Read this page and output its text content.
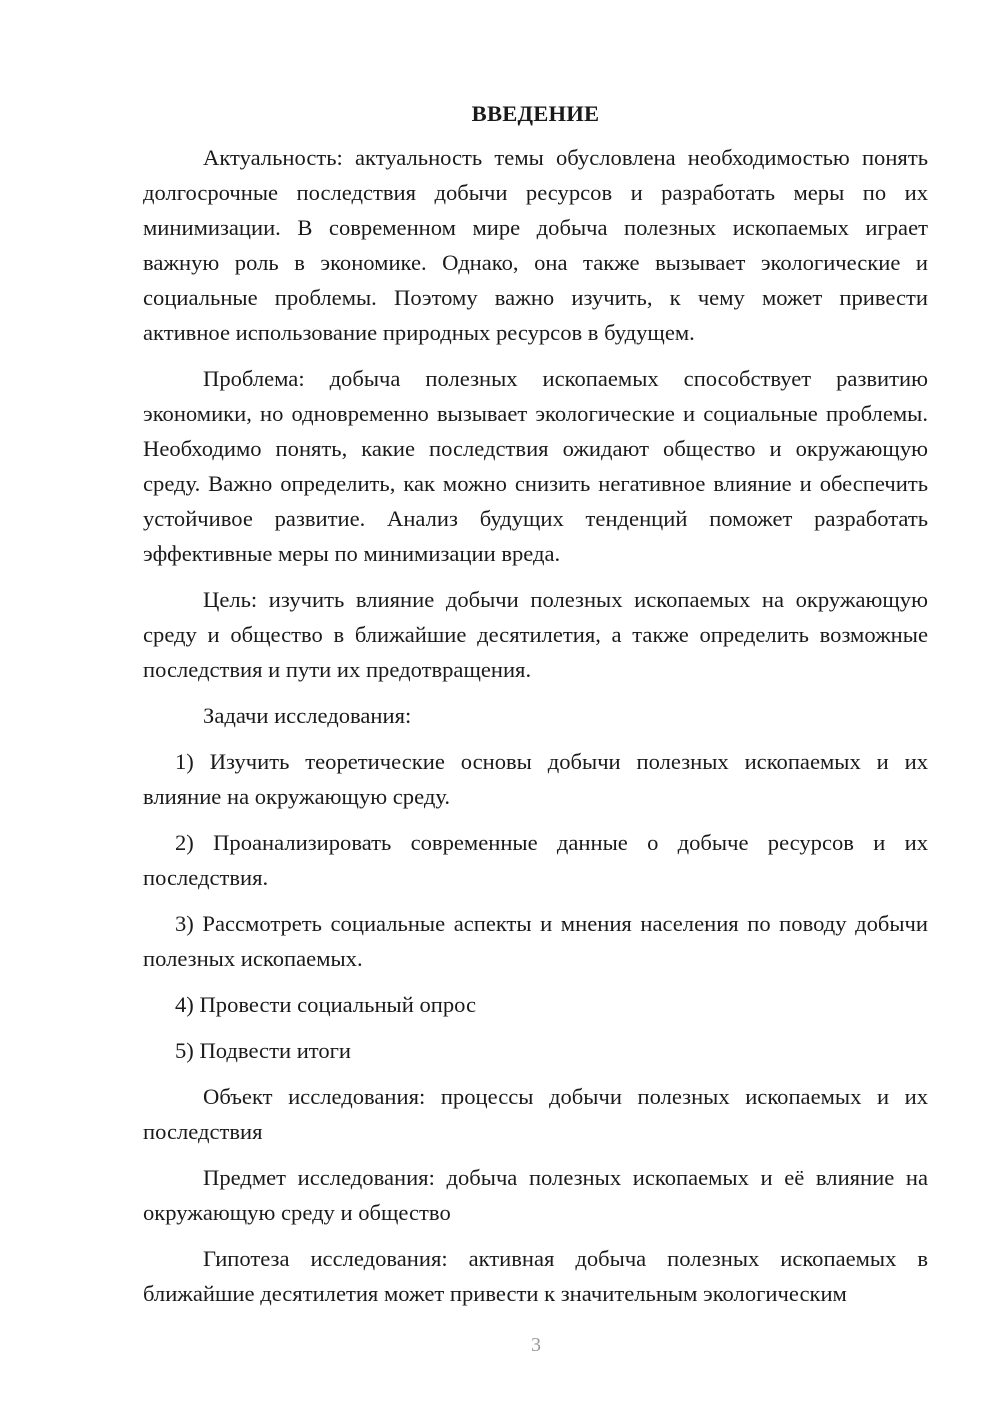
ВВЕДЕНИЕ

Актуальность: актуальность темы обусловлена необходимостью понять долгосрочные последствия добычи ресурсов и разработать меры по их минимизации. В современном мире добыча полезных ископаемых играет важную роль в экономике. Однако, она также вызывает экологические и социальные проблемы. Поэтому важно изучить, к чему может привести активное использование природных ресурсов в будущем.

Проблема: добыча полезных ископаемых способствует развитию экономики, но одновременно вызывает экологические и социальные проблемы. Необходимо понять, какие последствия ожидают общество и окружающую среду. Важно определить, как можно снизить негативное влияние и обеспечить устойчивое развитие. Анализ будущих тенденций поможет разработать эффективные меры по минимизации вреда.

Цель: изучить влияние добычи полезных ископаемых на окружающую среду и общество в ближайшие десятилетия, а также определить возможные последствия и пути их предотвращения.

Задачи исследования:

1) Изучить теоретические основы добычи полезных ископаемых и их влияние на окружающую среду.

2) Проанализировать современные данные о добыче ресурсов и их последствия.

3) Рассмотреть социальные аспекты и мнения населения по поводу добычи полезных ископаемых.

4) Провести социальный опрос

5) Подвести итоги

Объект исследования: процессы добычи полезных ископаемых и их последствия

Предмет исследования: добыча полезных ископаемых и её влияние на окружающую среду и общество

Гипотеза исследования: активная добыча полезных ископаемых в ближайшие десятилетия может привести к значительным экологическим

3
